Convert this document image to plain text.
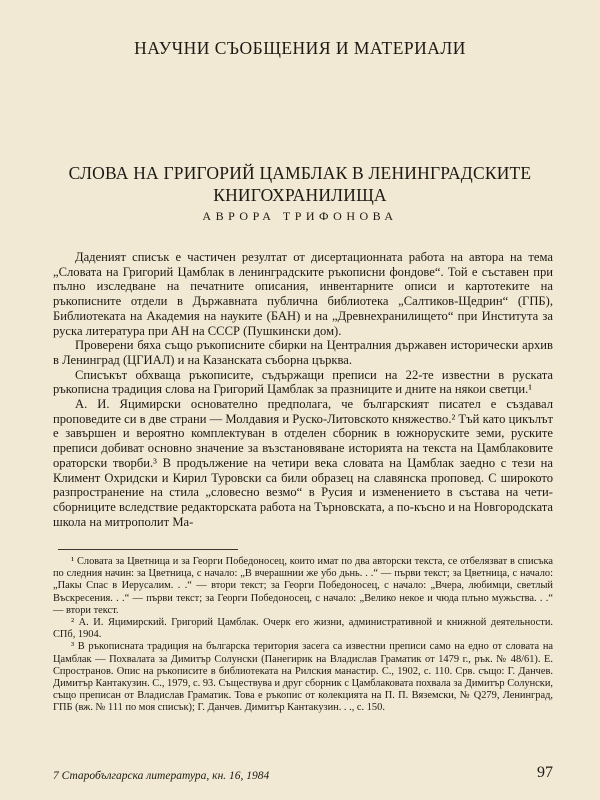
НАУЧНИ СЪОБЩЕНИЯ И МАТЕРИАЛИ
СЛОВА НА ГРИГОРИЙ ЦАМБЛАК В ЛЕНИНГРАДСКИТЕ
КНИГОХРАНИЛИЩА
АВРОРА ТРИФОНОВА

Даденият списък е частичен резултат от дисертационната работа на автора на тема „Словата на Григорий Цамблак в ленинградските ръкописни фондове“. Той е съставен при пълно изследване на печатните описания, инвентарните описи и картотеките на ръкописните отдели в Държавната публична библиотека „Салтиков-Щедрин“ (ГПБ), Библиотеката на Академия на науките (БАН) и на „Древнехранилището“ при Института за руска литература при АН на СССР (Пушкински дом).

Проверени бяха също ръкописните сбирки на Централния държавен исторически архив в Ленинград (ЦГИАЛ) и на Казанската съборна църква.

Списъкът обхваща ръкописите, съдържащи преписи на 22-те известни в руската ръкописна традиция слова на Григорий Цамблак за празниците и дните на някои светци.¹

А. И. Яцимирски основателно предполага, че българският писател е създавал проповедите си в две страни — Молдавия и Руско-Литовското княжество.² Тъй като цикълът е завършен и вероятно комплектуван в отделен сборник в южноруските земи, руските преписи добиват основно значение за възстановяване историята на текста на Цамблаковите ораторски творби.³ В продължение на четири века словата на Цамблак заедно с тези на Климент Охридски и Кирил Туровски са били образец на славянска проповед. С широкото разпространение на стила „словесно везмо“ в Русия и изменението в състава на чети-сборниците вследствие редакторската работа на Търновската, а по-късно и на Новгородската школа на митрополит Ма-

¹ Словата за Цветница и за Георги Победоносец, които имат по два авторски текста, се отбелязват в списъка по следния начин: за Цветница, с начало: „В вчерашнии же убо дьнь. . .“ — първи текст; за Цветница, с начало: „Пакы Спас в Иерусалим. . .“ — втори текст; за Георги Победоносец, с начало: „Вчера, любимци, светлый Въскресения. . .“ — първи текст; за Георги Победоносец, с начало: „Велико некое и чюда плъно мужьства. . .“ — втори текст.

² А. И. Яцимирский. Григорий Цамблак. Очерк его жизни, административной и книжной деятельности. СПб, 1904.

³ В ръкописната традиция на българска територия засега са известни преписи само на едно от словата на Цамблак — Похвалата за Димитър Солунски (Панегирик на Владислав Граматик от 1479 г., рък. № 48/61). Е. Спространов. Опис на ръкописите в библиотеката на Рилския манастир. С., 1902, с. 110. Срв. също: Г. Данчев. Димитър Кантакузин. С., 1979, с. 93. Съществува и друг сборник с Цамблаковата похвала за Димитър Солунски, също преписан от Владислав Граматик. Това е ръкопис от колекцията на П. П. Вяземски, № Q279, Ленинград, ГПБ (вж. № 111 по моя списък); Г. Данчев. Димитър Кантакузин. . ., с. 150.

7 Старобългарска литература, кн. 16, 1984	97
